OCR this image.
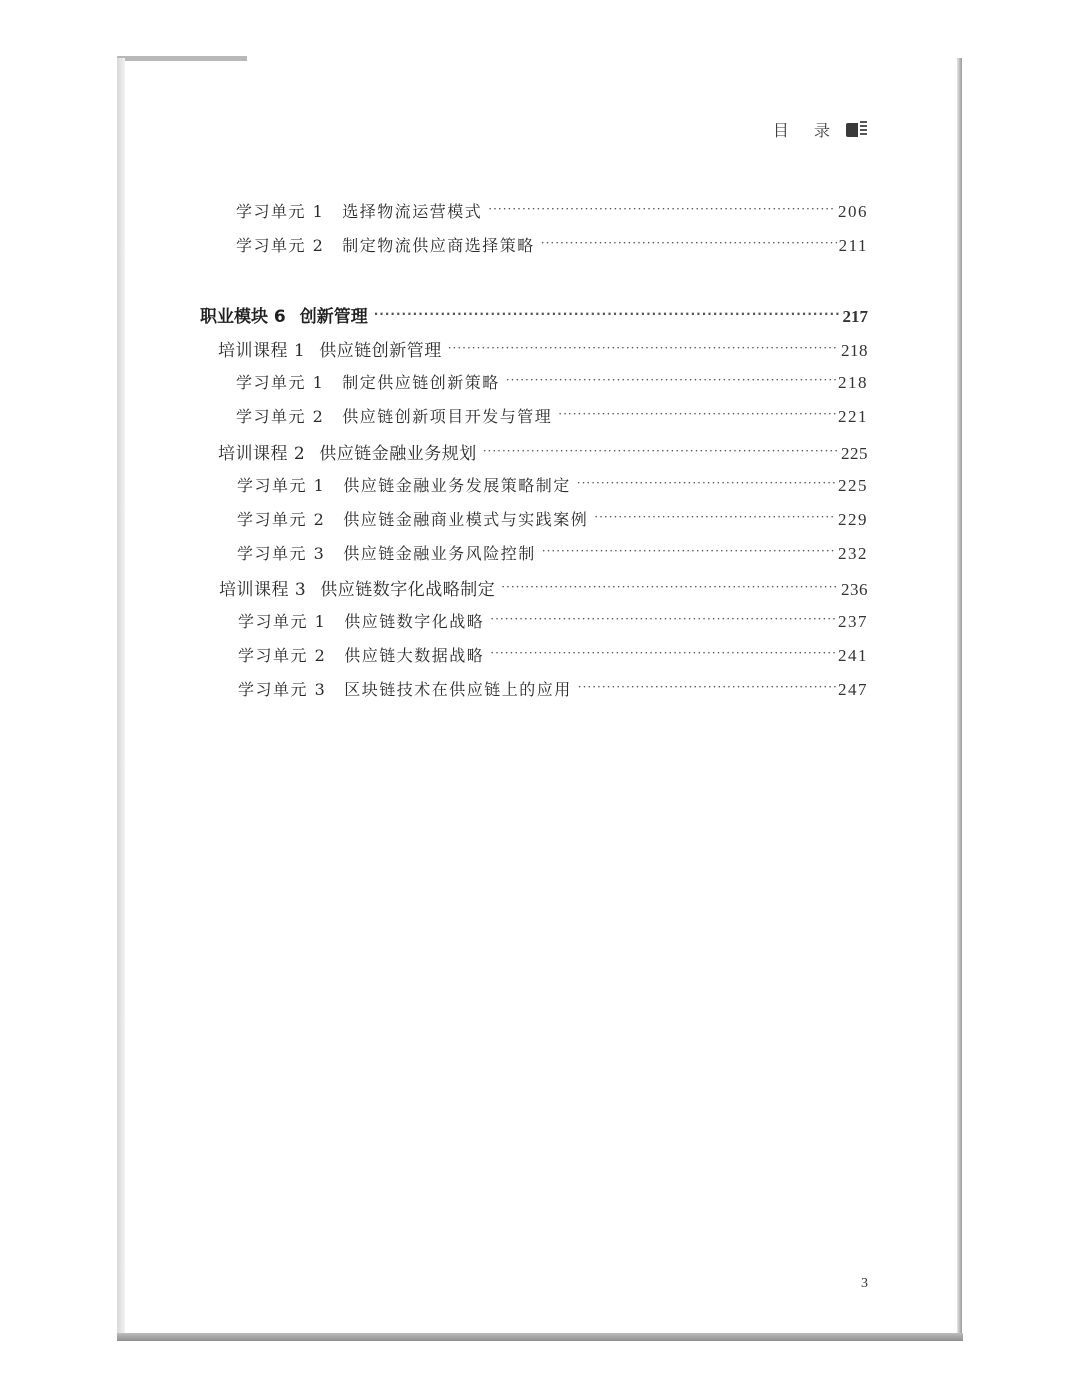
目 录
学习单元 1 选择物流运营模式 ·····	206
学习单元 2 制定物流供应商选择策略 ·····	211
职业模块 6 创新管理 ·····	217
培训课程 1 供应链创新管理 ·····	218
学习单元 1 制定供应链创新策略 ·····	218
学习单元 2 供应链创新项目开发与管理 ·····	221
培训课程 2 供应链金融业务规划 ·····	225
学习单元 1 供应链金融业务发展策略制定 ·····	225
学习单元 2 供应链金融商业模式与实践案例 ·····	229
学习单元 3 供应链金融业务风险控制 ·····	232
培训课程 3 供应链数字化战略制定 ·····	236
学习单元 1 供应链数字化战略 ·····	237
学习单元 2 供应链大数据战略 ·····	241
学习单元 3 区块链技术在供应链上的应用 ·····	247
3
